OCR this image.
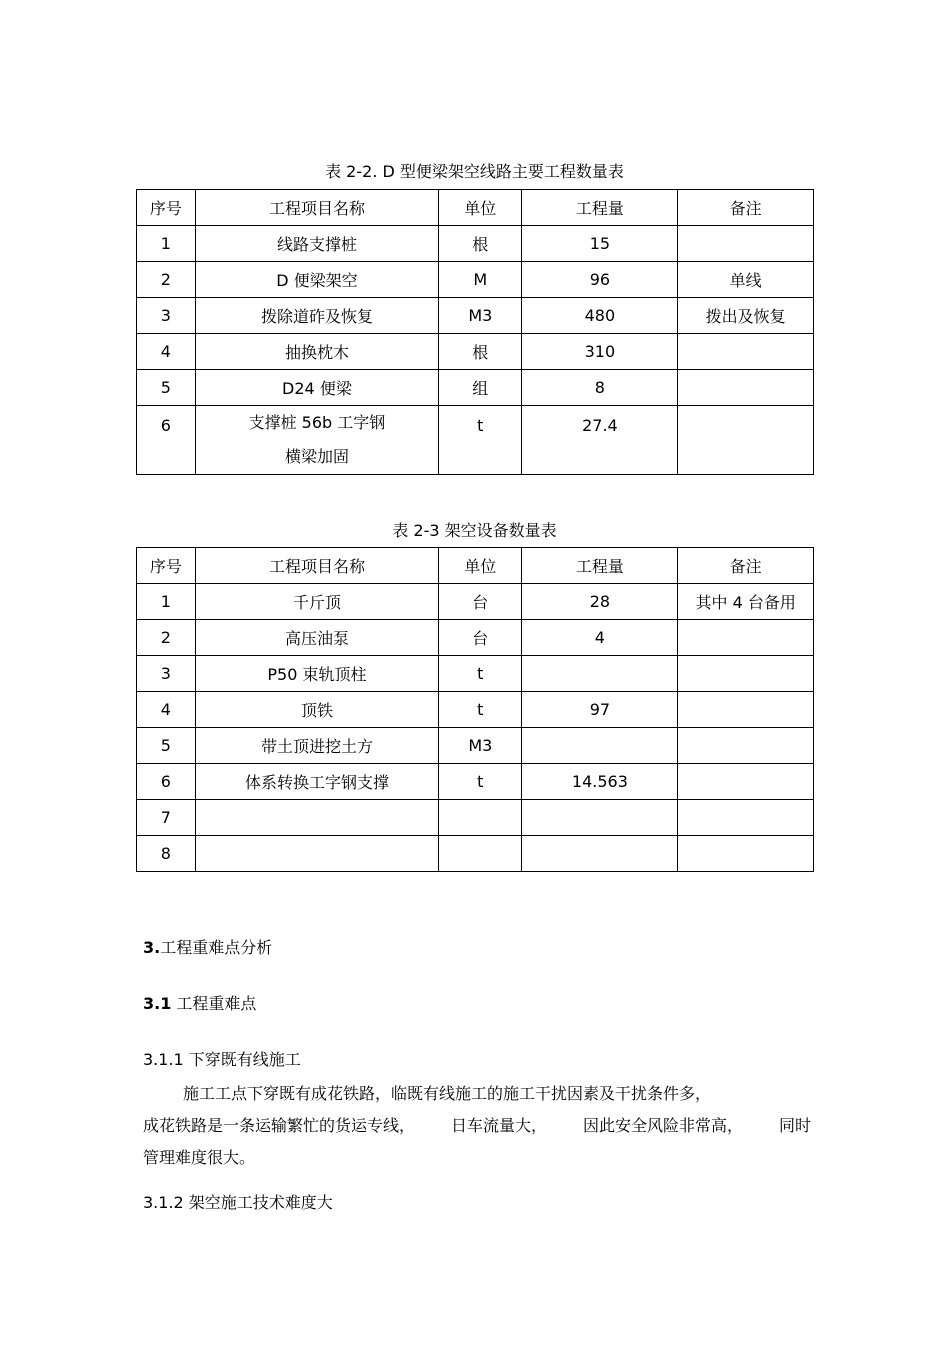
表 2-2. D 型便梁架空线路主要工程数量表
序号	工程项目名称	单位	工程量	备注
1	线路支撑桩	根	15	
2	D 便梁架空	M	96	单线
3	拨除道砟及恢复	M3	480	拨出及恢复
4	抽换枕木	根	310	
5	D24 便梁	组	8	
6	支撑桩 56b 工字钢
横梁加固	t	27.4	
表 2-3 架空设备数量表
序号	工程项目名称	单位	工程量	备注
1	千斤顶	台	28	其中 4 台备用
2	高压油泵	台	4	
3	P50 束轨顶柱	t		
4	顶铁	t	97	
5	带土顶进挖土方	M3		
6	体系转换工字钢支撑	t	14.563	
7				
8				
3.工程重难点分析
3.1 工程重难点
3.1.1 下穿既有线施工
施工工点下穿既有成花铁路，临既有线施工的施工干扰因素及干扰条件多，
成花铁路是一条运输繁忙的货运专线， 日车流量大， 因此安全风险非常高， 同时
管理难度很大。
3.1.2 架空施工技术难度大
